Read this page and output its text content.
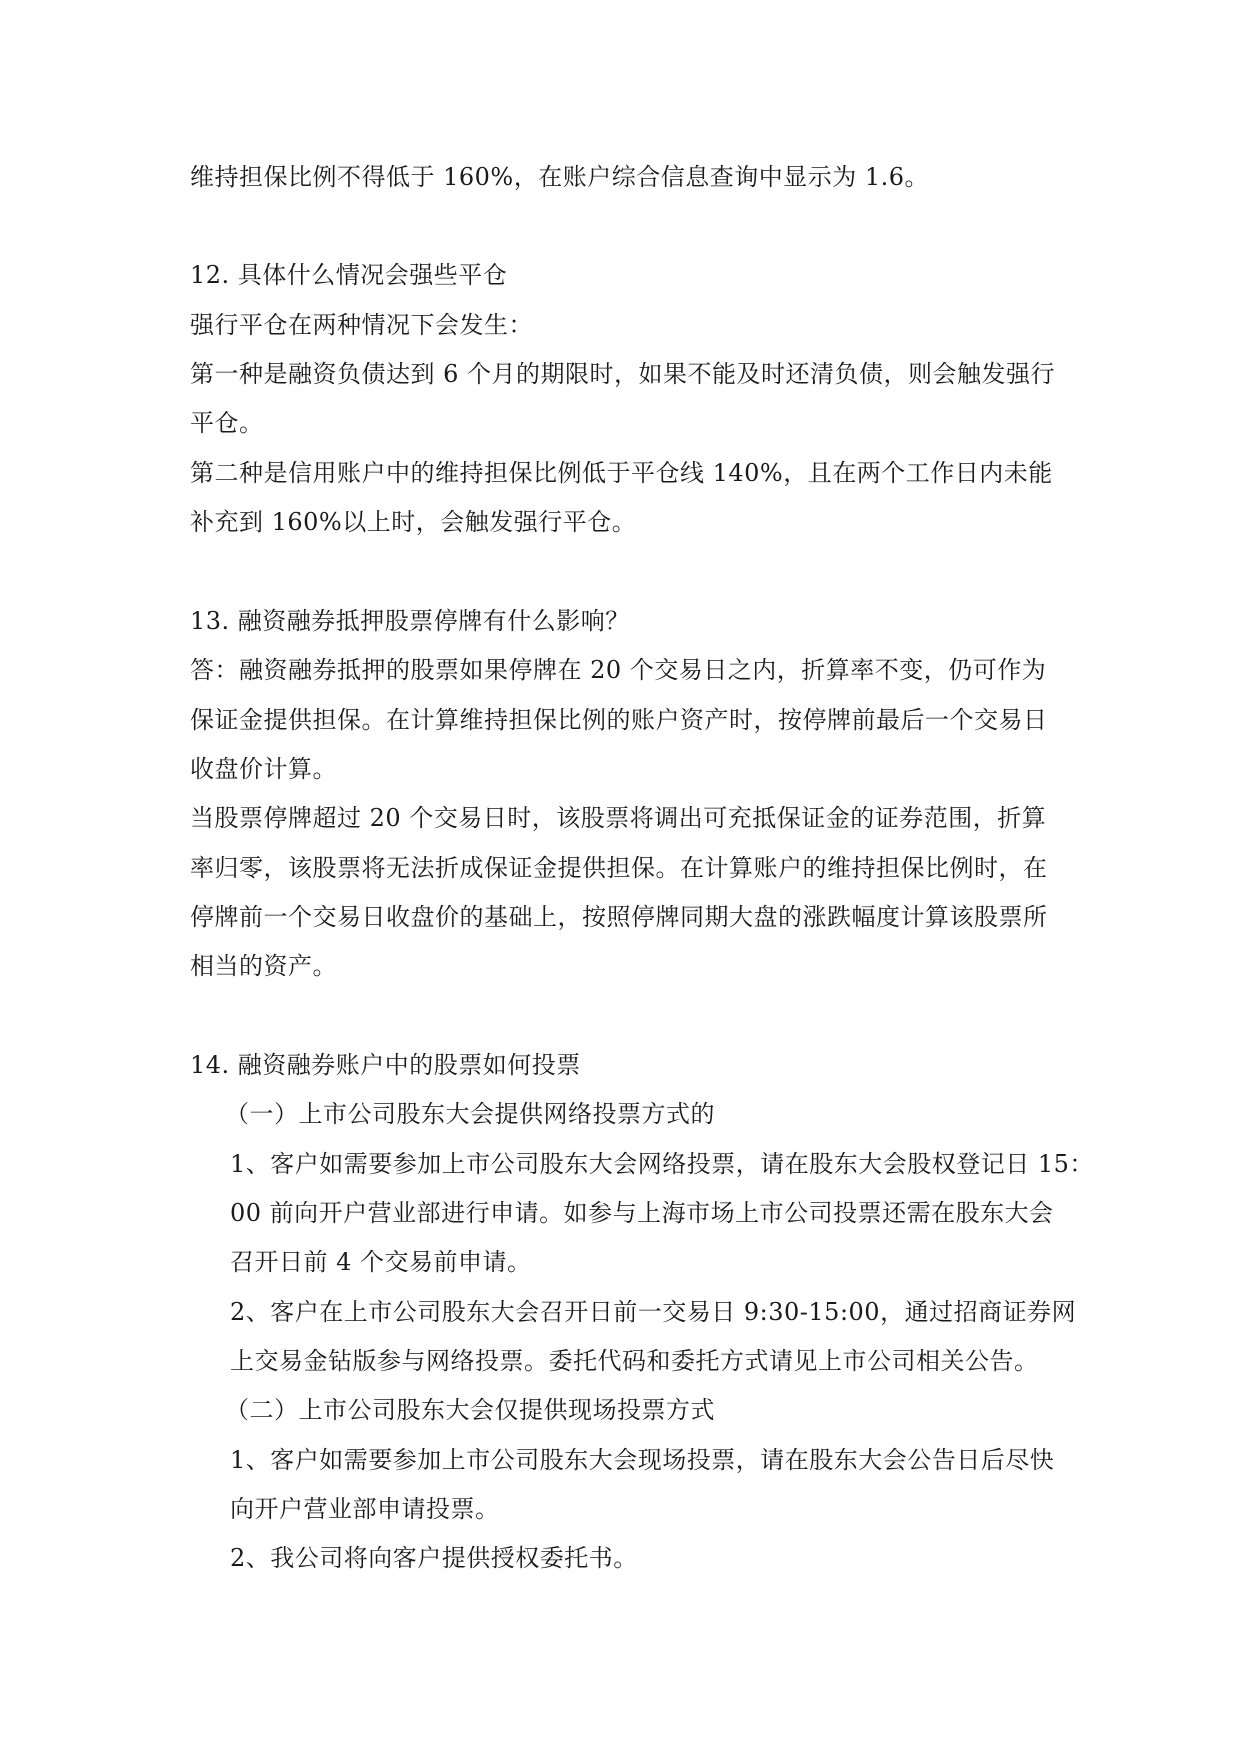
维持担保比例不得低于 160%，在账户综合信息查询中显示为 1.6。
12. 具体什么情况会强些平仓
强行平仓在两种情况下会发生：
第一种是融资负债达到 6 个月的期限时，如果不能及时还清负债，则会触发强行
平仓。
第二种是信用账户中的维持担保比例低于平仓线 140%，且在两个工作日内未能
补充到 160%以上时，会触发强行平仓。
13. 融资融券抵押股票停牌有什么影响？
答：融资融券抵押的股票如果停牌在 20 个交易日之内，折算率不变，仍可作为
保证金提供担保。在计算维持担保比例的账户资产时，按停牌前最后一个交易日
收盘价计算。
当股票停牌超过 20 个交易日时，该股票将调出可充抵保证金的证券范围，折算
率归零，该股票将无法折成保证金提供担保。在计算账户的维持担保比例时，在
停牌前一个交易日收盘价的基础上，按照停牌同期大盘的涨跌幅度计算该股票所
相当的资产。
14. 融资融券账户中的股票如何投票
（一）上市公司股东大会提供网络投票方式的
1、客户如需要参加上市公司股东大会网络投票，请在股东大会股权登记日 15：
00 前向开户营业部进行申请。如参与上海市场上市公司投票还需在股东大会
召开日前 4 个交易前申请。
2、客户在上市公司股东大会召开日前一交易日 9:30-15:00，通过招商证券网
上交易金钻版参与网络投票。委托代码和委托方式请见上市公司相关公告。
（二）上市公司股东大会仅提供现场投票方式
1、客户如需要参加上市公司股东大会现场投票，请在股东大会公告日后尽快
向开户营业部申请投票。
2、我公司将向客户提供授权委托书。
